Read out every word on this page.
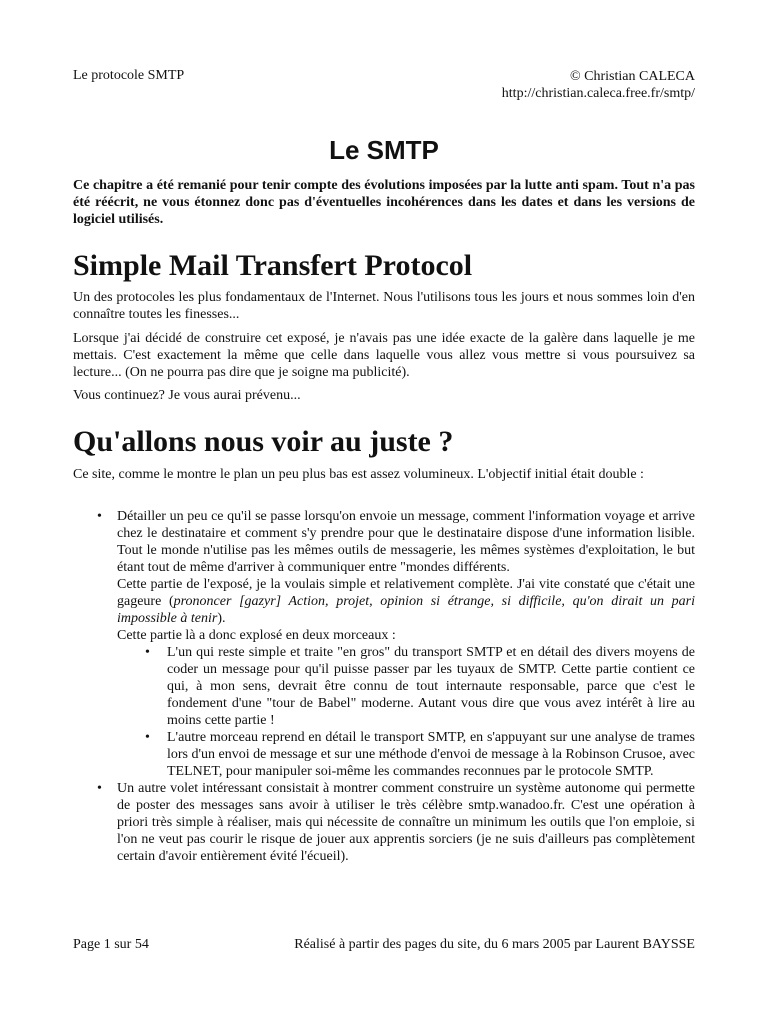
Le protocole SMTP	© Christian CALECA
http://christian.caleca.free.fr/smtp/
Le SMTP
Ce chapitre a été remanié pour tenir compte des évolutions imposées par la lutte anti spam. Tout n'a pas été réécrit, ne vous étonnez donc pas d'éventuelles incohérences dans les dates et dans les versions de logiciel utilisés.
Simple Mail Transfert Protocol

Un des protocoles les plus fondamentaux de l'Internet. Nous l'utilisons tous les jours et nous sommes loin d'en connaître toutes les finesses...

Lorsque j'ai décidé de construire cet exposé, je n'avais pas une idée exacte de la galère dans laquelle je me mettais. C'est exactement la même que celle dans laquelle vous allez vous mettre si vous poursuivez sa lecture... (On ne pourra pas dire que je soigne ma publicité).

Vous continuez? Je vous aurai prévenu...

Qu'allons nous voir au juste ?

Ce site, comme le montre le plan un peu plus bas est assez volumineux. L'objectif initial était double :

• Détailler un peu ce qu'il se passe lorsqu'on envoie un message, comment l'information voyage et arrive chez le destinataire et comment s'y prendre pour que le destinataire dispose d'une information lisible. Tout le monde n'utilise pas les mêmes outils de messagerie, les mêmes systèmes d'exploitation, le but étant tout de même d'arriver à communiquer entre "mondes différents.
Cette partie de l'exposé, je la voulais simple et relativement complète. J'ai vite constaté que c'était une gageure (prononcer [gazyr] Action, projet, opinion si étrange, si difficile, qu'on dirait un pari impossible à tenir).
Cette partie là a donc explosé en deux morceaux :
• L'un qui reste simple et traite "en gros" du transport SMTP et en détail des divers moyens de coder un message pour qu'il puisse passer par les tuyaux de SMTP. Cette partie contient ce qui, à mon sens, devrait être connu de tout internaute responsable, parce que c'est le fondement d'une "tour de Babel" moderne. Autant vous dire que vous avez intérêt à lire au moins cette partie !
• L'autre morceau reprend en détail le transport SMTP, en s'appuyant sur une analyse de trames lors d'un envoi de message et sur une méthode d'envoi de message à la Robinson Crusoe, avec TELNET, pour manipuler soi-même les commandes reconnues par le protocole SMTP.
• Un autre volet intéressant consistait à montrer comment construire un système autonome qui permette de poster des messages sans avoir à utiliser le très célèbre smtp.wanadoo.fr. C'est une opération à priori très simple à réaliser, mais qui nécessite de connaître un minimum les outils que l'on emploie, si l'on ne veut pas courir le risque de jouer aux apprentis sorciers (je ne suis d'ailleurs pas complètement certain d'avoir entièrement évité l'écueil).
Page 1 sur 54	Réalisé à partir des pages du site, du 6 mars 2005 par Laurent BAYSSE
